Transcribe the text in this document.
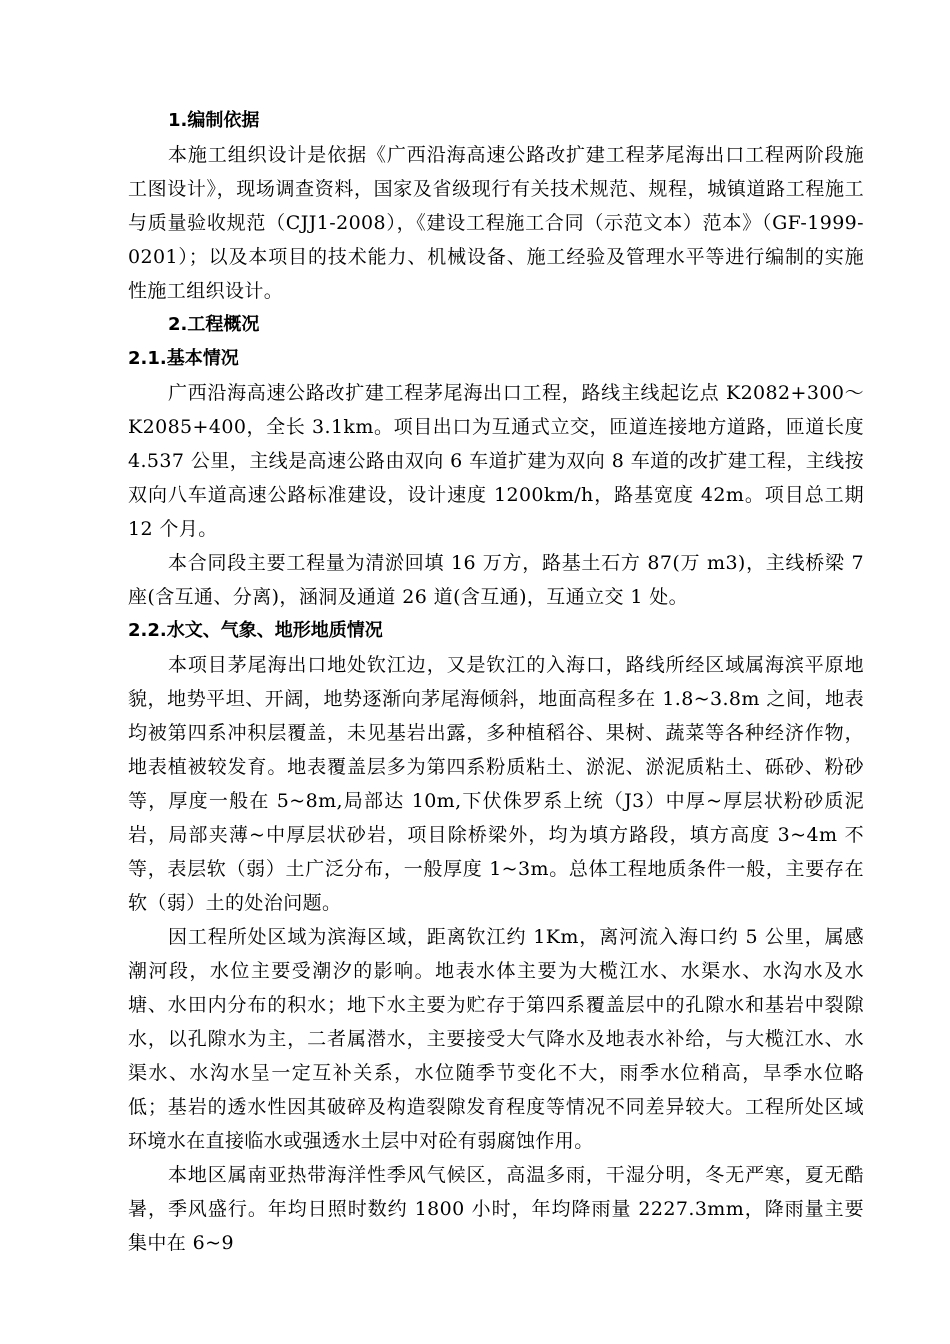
1.编制依据

本施工组织设计是依据《广西沿海高速公路改扩建工程茅尾海出口工程两阶段施工图设计》，现场调查资料，国家及省级现行有关技术规范、规程，城镇道路工程施工与质量验收规范（CJJ1-2008），《建设工程施工合同（示范文本）范本》（GF-1999-0201）；以及本项目的技术能力、机械设备、施工经验及管理水平等进行编制的实施性施工组织设计。

2.工程概况
2.1.基本情况

广西沿海高速公路改扩建工程茅尾海出口工程，路线主线起讫点 K2082+300～K2085+400，全长 3.1km。项目出口为互通式立交，匝道连接地方道路，匝道长度 4.537 公里，主线是高速公路由双向 6 车道扩建为双向 8 车道的改扩建工程，主线按双向八车道高速公路标准建设，设计速度 1200km/h，路基宽度 42m。项目总工期 12 个月。

本合同段主要工程量为清淤回填 16 万方，路基土石方 87(万 m3)，主线桥梁 7 座(含互通、分离)，涵洞及通道 26 道(含互通)，互通立交 1 处。

2.2.水文、气象、地形地质情况

本项目茅尾海出口地处钦江边，又是钦江的入海口，路线所经区域属海滨平原地貌，地势平坦、开阔，地势逐渐向茅尾海倾斜，地面高程多在 1.8~3.8m 之间，地表均被第四系冲积层覆盖，未见基岩出露，多种植稻谷、果树、蔬菜等各种经济作物，地表植被较发育。地表覆盖层多为第四系粉质粘土、淤泥、淤泥质粘土、砾砂、粉砂等，厚度一般在 5~8m,局部达 10m,下伏侏罗系上统（J3）中厚~厚层状粉砂质泥岩，局部夹薄~中厚层状砂岩，项目除桥梁外，均为填方路段，填方高度 3~4m 不等，表层软（弱）土广泛分布，一般厚度 1~3m。总体工程地质条件一般，主要存在软（弱）土的处治问题。

因工程所处区域为滨海区域，距离钦江约 1Km，离河流入海口约 5 公里，属感潮河段，水位主要受潮汐的影响。地表水体主要为大榄江水、水渠水、水沟水及水塘、水田内分布的积水；地下水主要为贮存于第四系覆盖层中的孔隙水和基岩中裂隙水，以孔隙水为主，二者属潜水，主要接受大气降水及地表水补给，与大榄江水、水渠水、水沟水呈一定互补关系，水位随季节变化不大，雨季水位稍高，旱季水位略低；基岩的透水性因其破碎及构造裂隙发育程度等情况不同差异较大。工程所处区域环境水在直接临水或强透水土层中对砼有弱腐蚀作用。

本地区属南亚热带海洋性季风气候区，高温多雨，干湿分明，冬无严寒，夏无酷暑，季风盛行。年均日照时数约 1800 小时，年均降雨量 2227.3mm，降雨量主要集中在 6~9
